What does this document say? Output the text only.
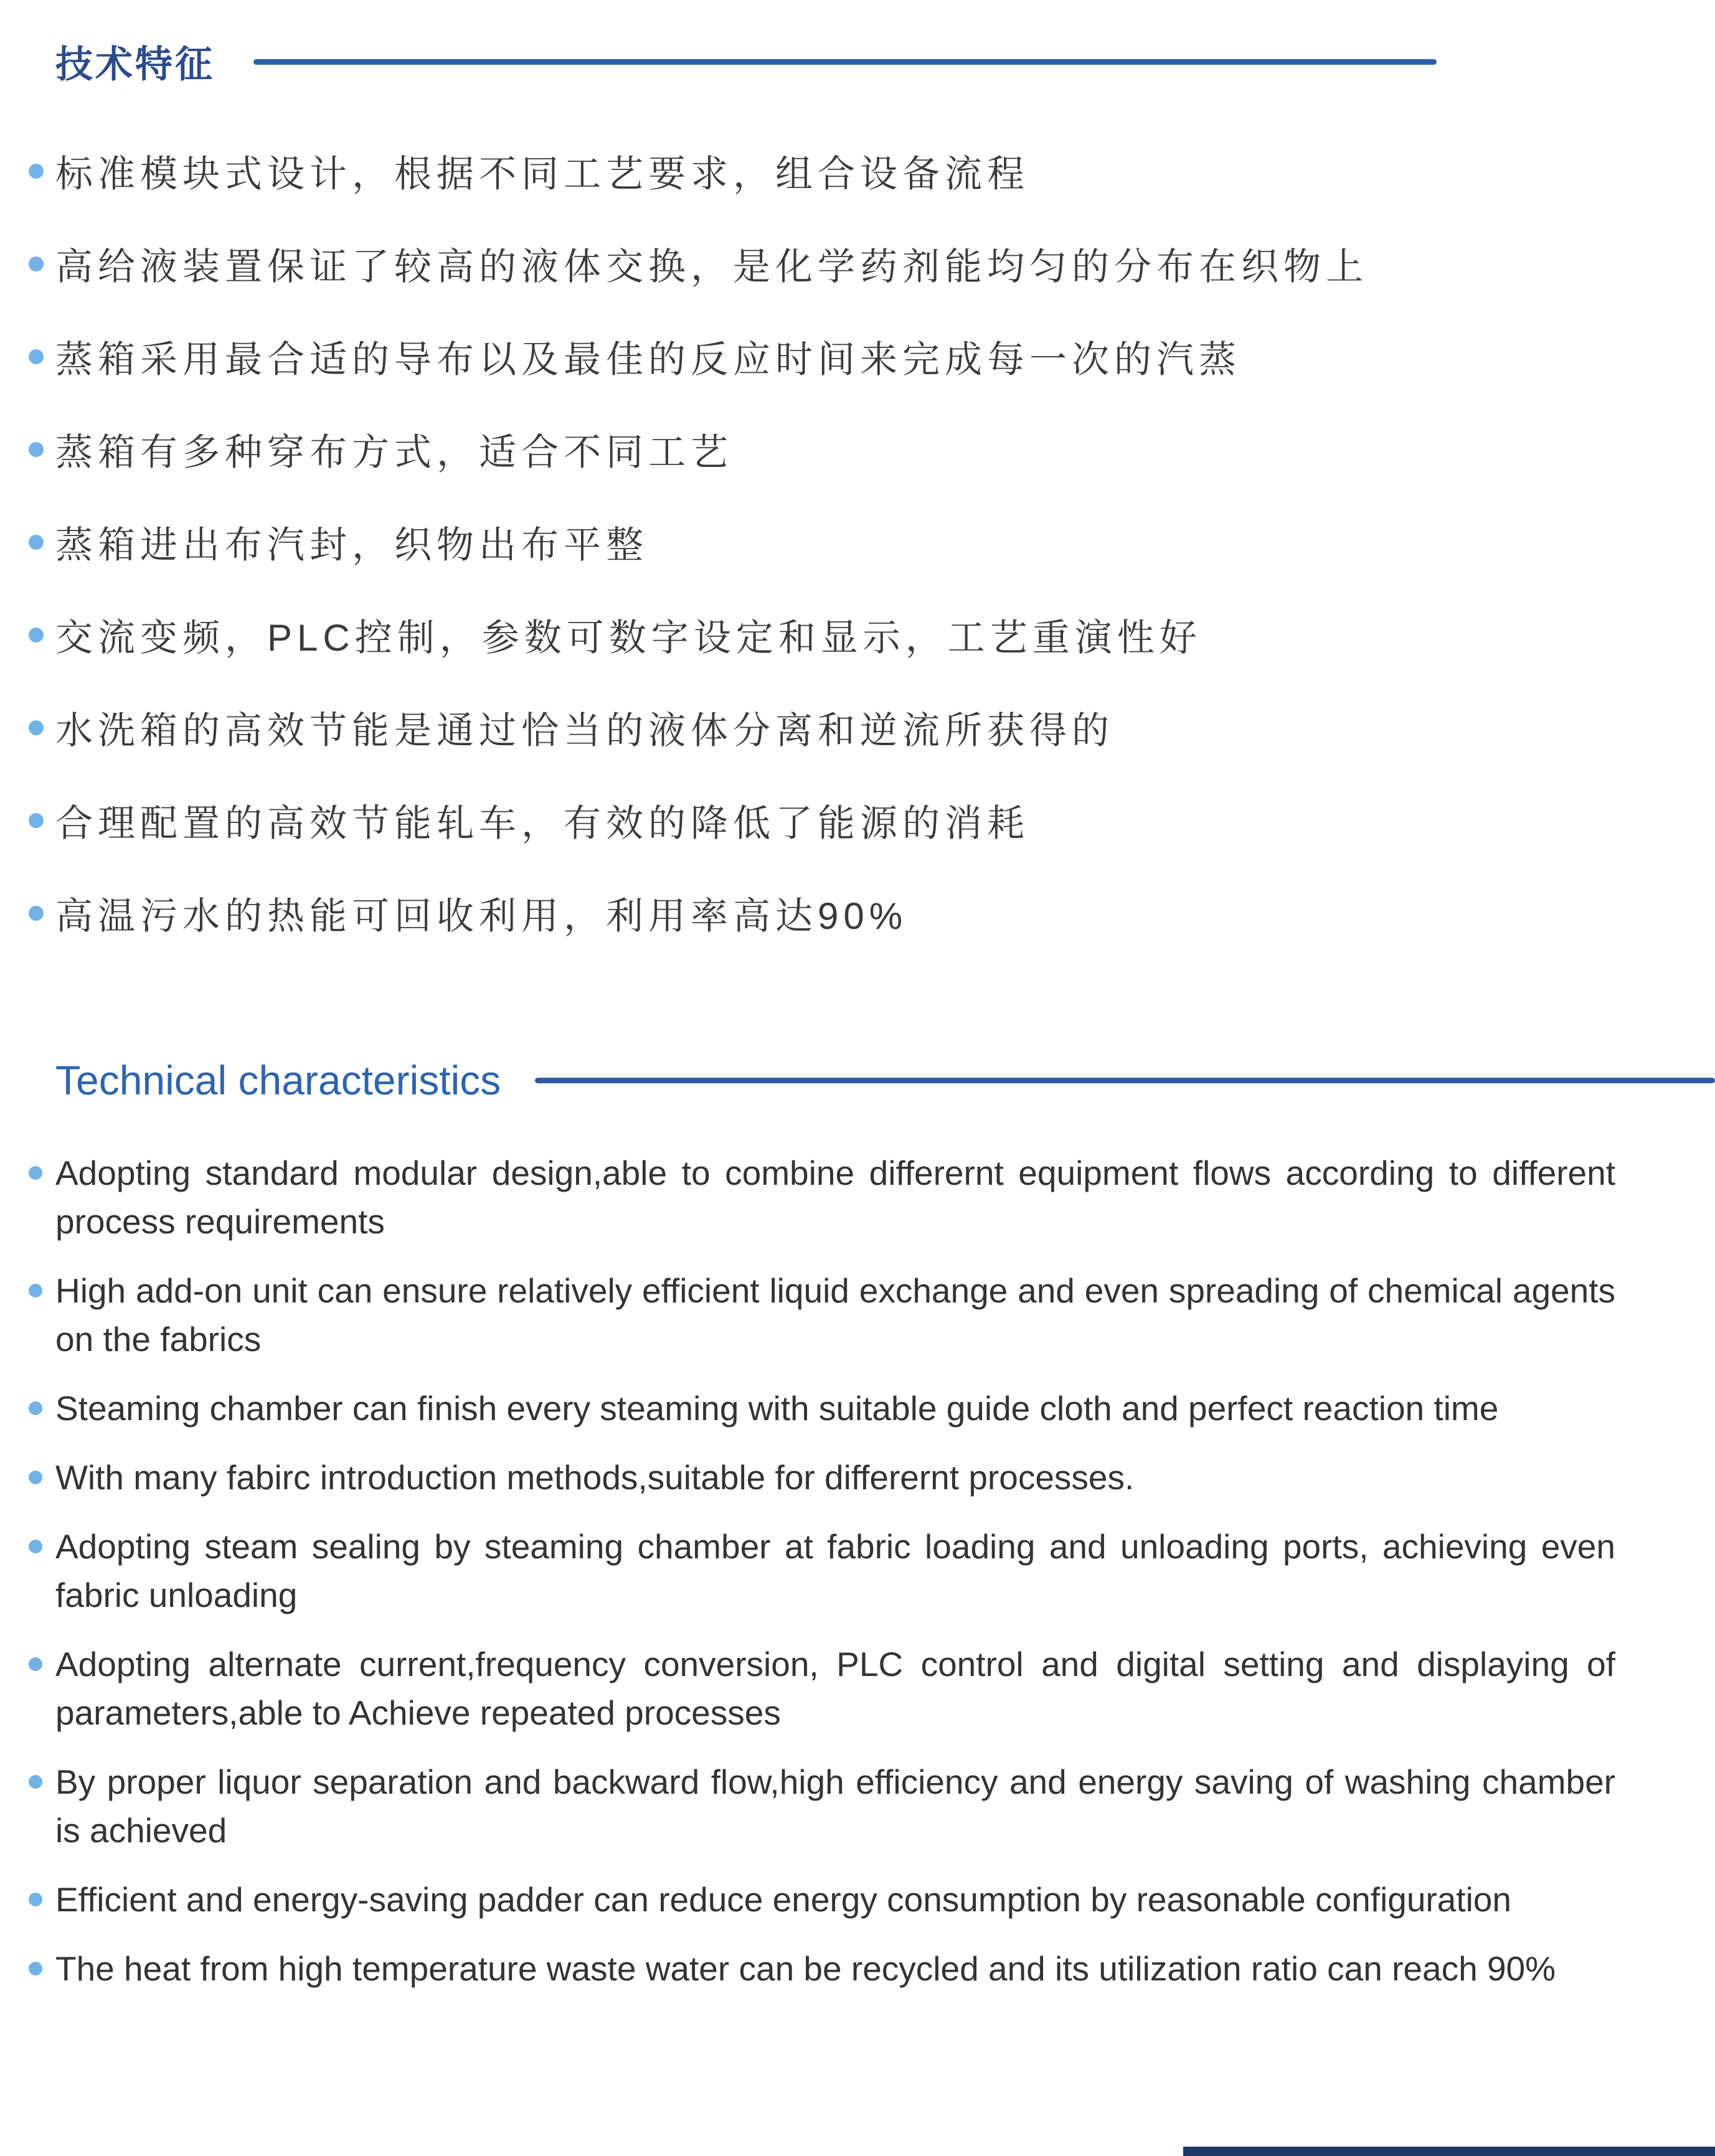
技术特征
标准模块式设计，根据不同工艺要求，组合设备流程
高给液装置保证了较高的液体交换，是化学药剂能均匀的分布在织物上
蒸箱采用最合适的导布以及最佳的反应时间来完成每一次的汽蒸
蒸箱有多种穿布方式，适合不同工艺
蒸箱进出布汽封，织物出布平整
交流变频，PLC控制，参数可数字设定和显示，工艺重演性好
水洗箱的高效节能是通过恰当的液体分离和逆流所获得的
合理配置的高效节能轧车，有效的降低了能源的消耗
高温污水的热能可回收利用，利用率高达90%
Technical characteristics
Adopting standard modular design,able to combine differernt equipment flows according to different process requirements
High add-on unit can ensure relatively efficient liquid exchange and even spreading of chemical agents on the fabrics
Steaming chamber can finish every steaming with suitable guide cloth and perfect reaction time
With many fabirc introduction methods,suitable for differernt processes.
Adopting steam sealing by steaming chamber at fabric loading and unloading ports, achieving even fabric unloading
Adopting alternate current,frequency conversion, PLC control and digital setting and displaying of parameters,able to Achieve repeated processes
By proper liquor separation and backward flow,high efficiency and energy saving of washing chamber is achieved
Efficient and energy-saving padder can reduce energy consumption by reasonable configuration
The heat from high temperature waste water can be recycled and its utilization ratio can reach 90%
